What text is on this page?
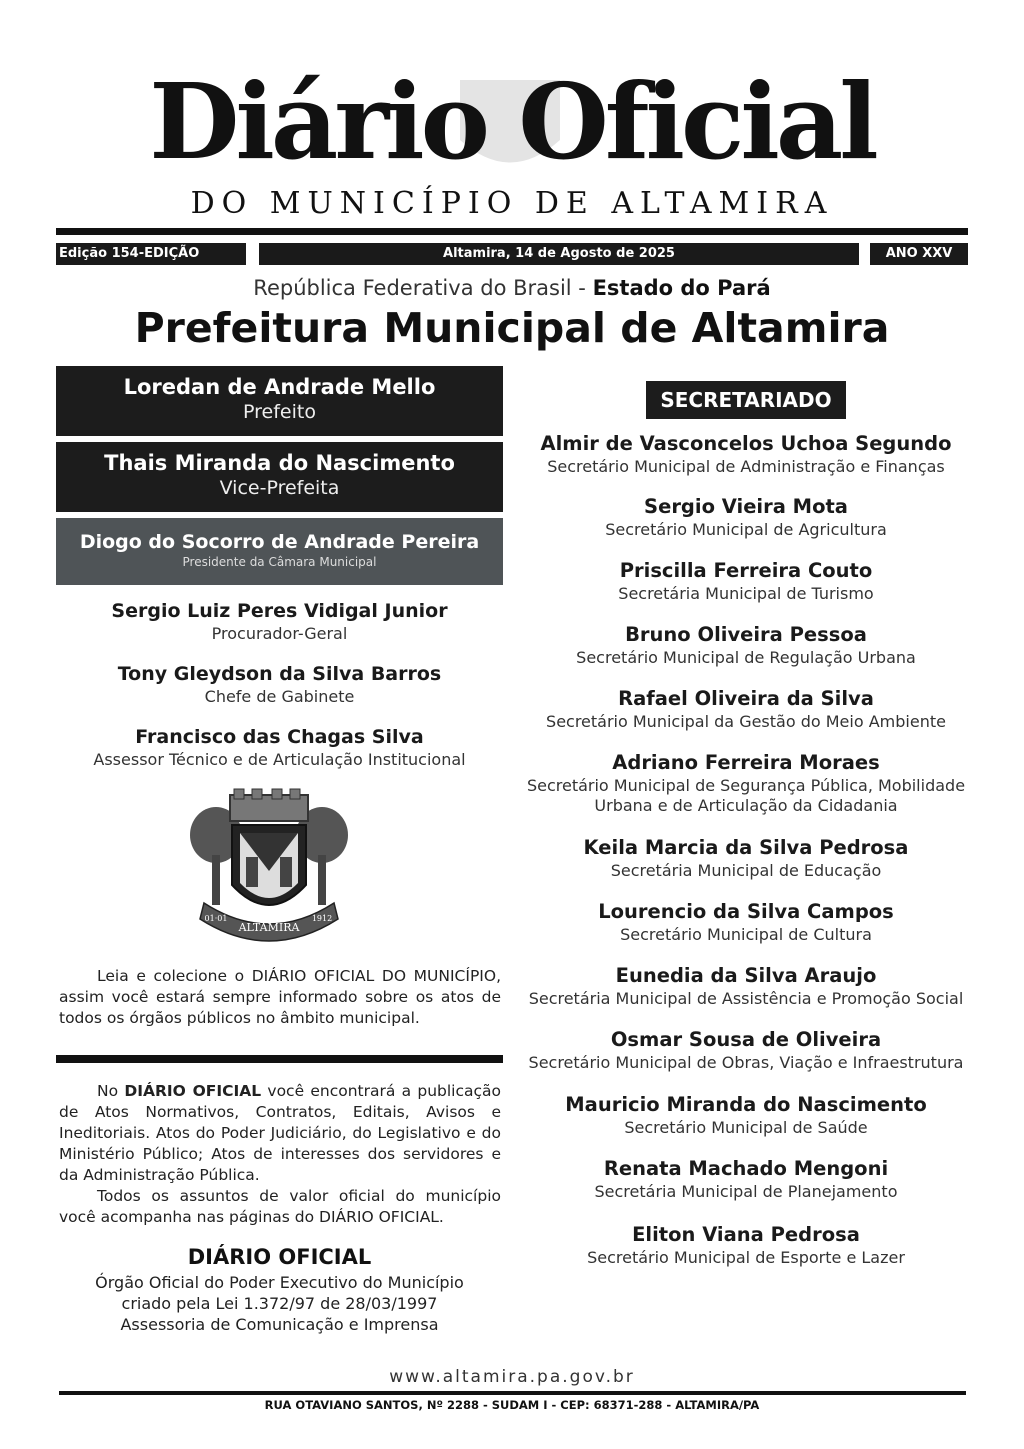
Diário Oficial
DO MUNICÍPIO DE ALTAMIRA
Edição 154-EDIÇÃO EXTRA
Altamira, 14 de Agosto de 2025	ANO XXV
República Federativa do Brasil - Estado do Pará
Prefeitura Municipal de Altamira
Loredan de Andrade Mello
Prefeito
Thais Miranda do Nascimento
Vice-Prefeita
Diogo do Socorro de Andrade Pereira
Presidente da Câmara Municipal
Sergio Luiz Peres Vidigal Junior
Procurador-Geral
Tony Gleydson da Silva Barros
Chefe de Gabinete
Francisco das Chagas Silva
Assessor Técnico e de Articulação Institucional
ALTAMIRA
01·01	1912

Leia e colecione o DIÁRIO OFICIAL DO MUNICÍPIO, assim você estará sempre informado sobre os atos de todos os órgãos públicos no âmbito municipal.

No DIÁRIO OFICIAL você encontrará a publicação de Atos Normativos, Contratos, Editais, Avisos e Ineditoriais. Atos do Poder Judiciário, do Legislativo e do Ministério Público; Atos de interesses dos servidores e da Administração Pública.

Todos os assuntos de valor oficial do município você acompanha nas páginas do DIÁRIO OFICIAL.

DIÁRIO OFICIAL
Órgão Oficial do Poder Executivo do Município
criado pela Lei 1.372/97 de 28/03/1997
Assessoria de Comunicação e Imprensa
SECRETARIADO
Almir de Vasconcelos Uchoa Segundo
Secretário Municipal de Administração e Finanças
Sergio Vieira Mota
Secretário Municipal de Agricultura
Priscilla Ferreira Couto
Secretária Municipal de Turismo
Bruno Oliveira Pessoa
Secretário Municipal de Regulação Urbana
Rafael Oliveira da Silva
Secretário Municipal da Gestão do Meio Ambiente
Adriano Ferreira Moraes
Secretário Municipal de Segurança Pública, Mobilidade Urbana e de Articulação da Cidadania
Keila Marcia da Silva Pedrosa
Secretária Municipal de Educação
Lourencio da Silva Campos
Secretário Municipal de Cultura
Eunedia da Silva Araujo
Secretária Municipal de Assistência e Promoção Social
Osmar Sousa de Oliveira
Secretário Municipal de Obras, Viação e Infraestrutura
Mauricio Miranda do Nascimento
Secretário Municipal de Saúde
Renata Machado Mengoni
Secretária Municipal de Planejamento
Eliton Viana Pedrosa
Secretário Municipal de Esporte e Lazer
www.altamira.pa.gov.br
RUA OTAVIANO SANTOS, Nº 2288 - SUDAM I - CEP: 68371-288 - ALTAMIRA/PA
